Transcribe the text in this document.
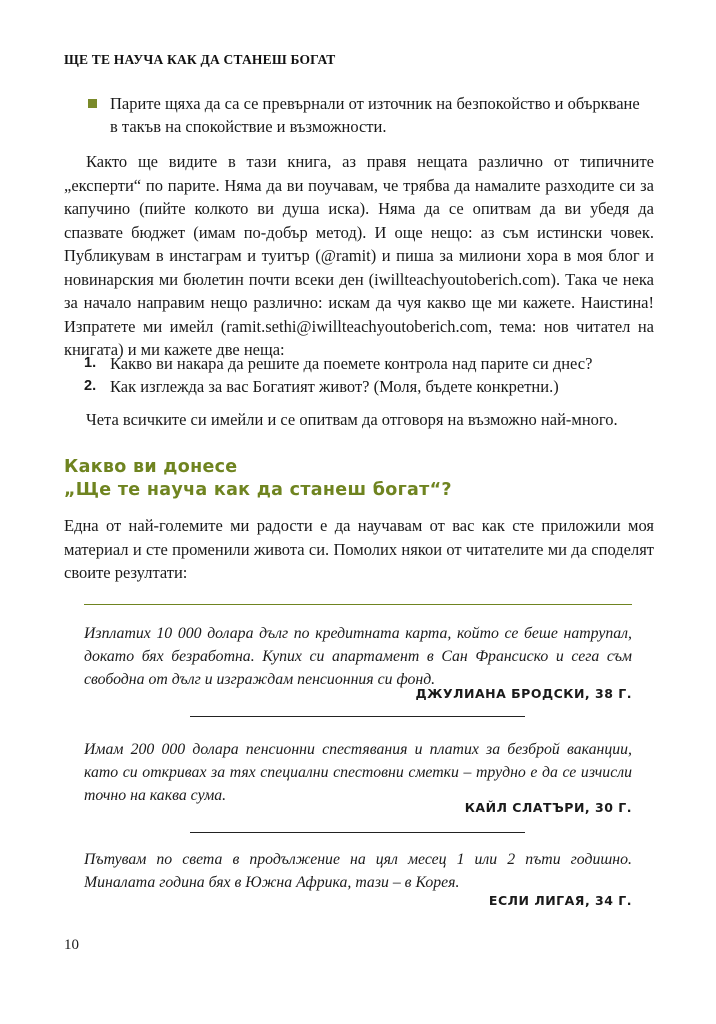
ЩЕ ТЕ НАУЧА КАК ДА СТАНЕШ БОГАТ
Парите щяха да са се превърнали от източник на безпокойство и объркване
в такъв на спокойствие и възможности.
Както ще видите в тази книга, аз правя нещата различно от типичните „експерти“ по парите. Няма да ви поучавам, че трябва да намалите разходите си за капучино (пийте колкото ви душа иска). Няма да се опитвам да ви убедя да спазвате бюджет (имам по-добър метод). И още нещо: аз съм истински човек. Публикувам в инстаграм и туитър (@ramit) и пиша за милиони хора в моя блог и новинарския ми бюлетин почти всеки ден (iwillteachyoutoberich.com). Така че нека за начало направим нещо различно: искам да чуя какво ще ми кажете. Наистина! Изпратете ми имейл (ramit.sethi@iwillteachyoutoberich.com, тема: нов читател на книгата) и ми кажете две неща:
1. Какво ви накара да решите да поемете контрола над парите си днес?
2. Как изглежда за вас Богатият живот? (Моля, бъдете конкретни.)
Чета всичките си имейли и се опитвам да отговоря на възможно най-много.
Какво ви донесе
„Ще те науча как да станеш богат“?
Една от най-големите ми радости е да научавам от вас как сте приложили моя материал и сте променили живота си. Помолих някои от читателите ми да споделят своите резултати:
Изплатих 10 000 долара дълг по кредитната карта, който се беше натрупал, докато бях безработна. Купих си апартамент в Сан Франсиско и сега съм свободна от дълг и изграждам пенсионния си фонд.
ДЖУЛИАНА БРОДСКИ, 38 Г.
Имам 200 000 долара пенсионни спестявания и платих за безброй ваканции, като си откривах за тях специални спестовни сметки – трудно е да се изчисли точно на каква сума.
КАЙЛ СЛАТЪРИ, 30 Г.
Пътувам по света в продължение на цял месец 1 или 2 пъти годишно. Миналата година бях в Южна Африка, тази – в Корея.
ЕСЛИ ЛИГАЯ, 34 Г.
10
